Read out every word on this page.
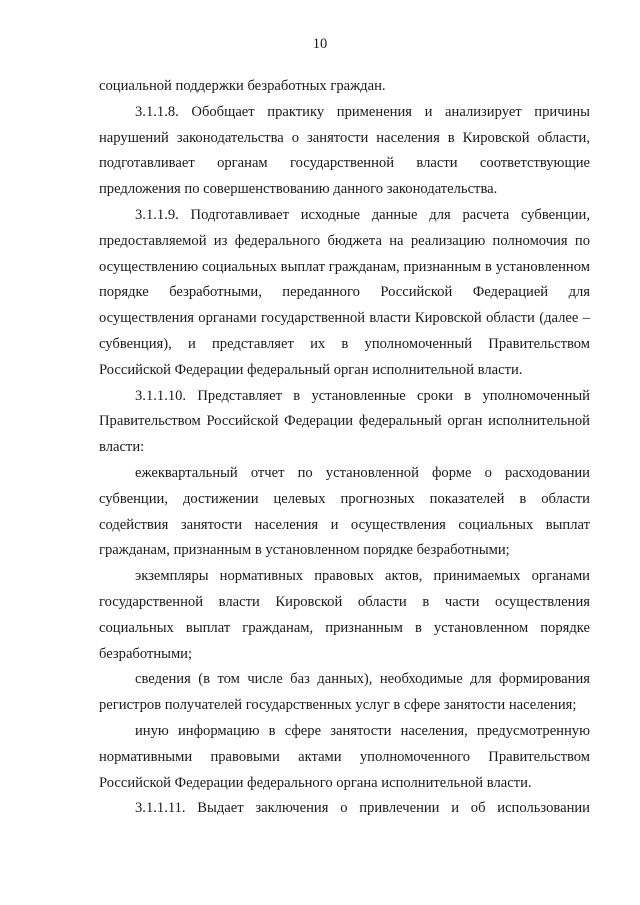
10

социальной поддержки безработных граждан.

3.1.1.8. Обобщает практику применения и анализирует причины нарушений законодательства о занятости населения в Кировской области, подготавливает органам государственной власти соответствующие предложения по совершенствованию данного законодательства.

3.1.1.9. Подготавливает исходные данные для расчета субвенции, предоставляемой из федерального бюджета на реализацию полномочия по осуществлению социальных выплат гражданам, признанным в установленном порядке безработными, переданного Российской Федерацией для осуществления органами государственной власти Кировской области (далее – субвенция), и представляет их в уполномоченный Правительством Российской Федерации федеральный орган исполнительной власти.

3.1.1.10. Представляет в установленные сроки в уполномоченный Правительством Российской Федерации федеральный орган исполнительной власти:

ежеквартальный отчет по установленной форме о расходовании субвенции, достижении целевых прогнозных показателей в области содействия занятости населения и осуществления социальных выплат гражданам, признанным в установленном порядке безработными;

экземпляры нормативных правовых актов, принимаемых органами государственной власти Кировской области в части осуществления социальных выплат гражданам, признанным в установленном порядке безработными;

сведения (в том числе баз данных), необходимые для формирования регистров получателей государственных услуг в сфере занятости населения;

иную информацию в сфере занятости населения, предусмотренную нормативными правовыми актами уполномоченного Правительством Российской Федерации федерального органа исполнительной власти.

3.1.1.11. Выдает заключения о привлечении и об использовании
